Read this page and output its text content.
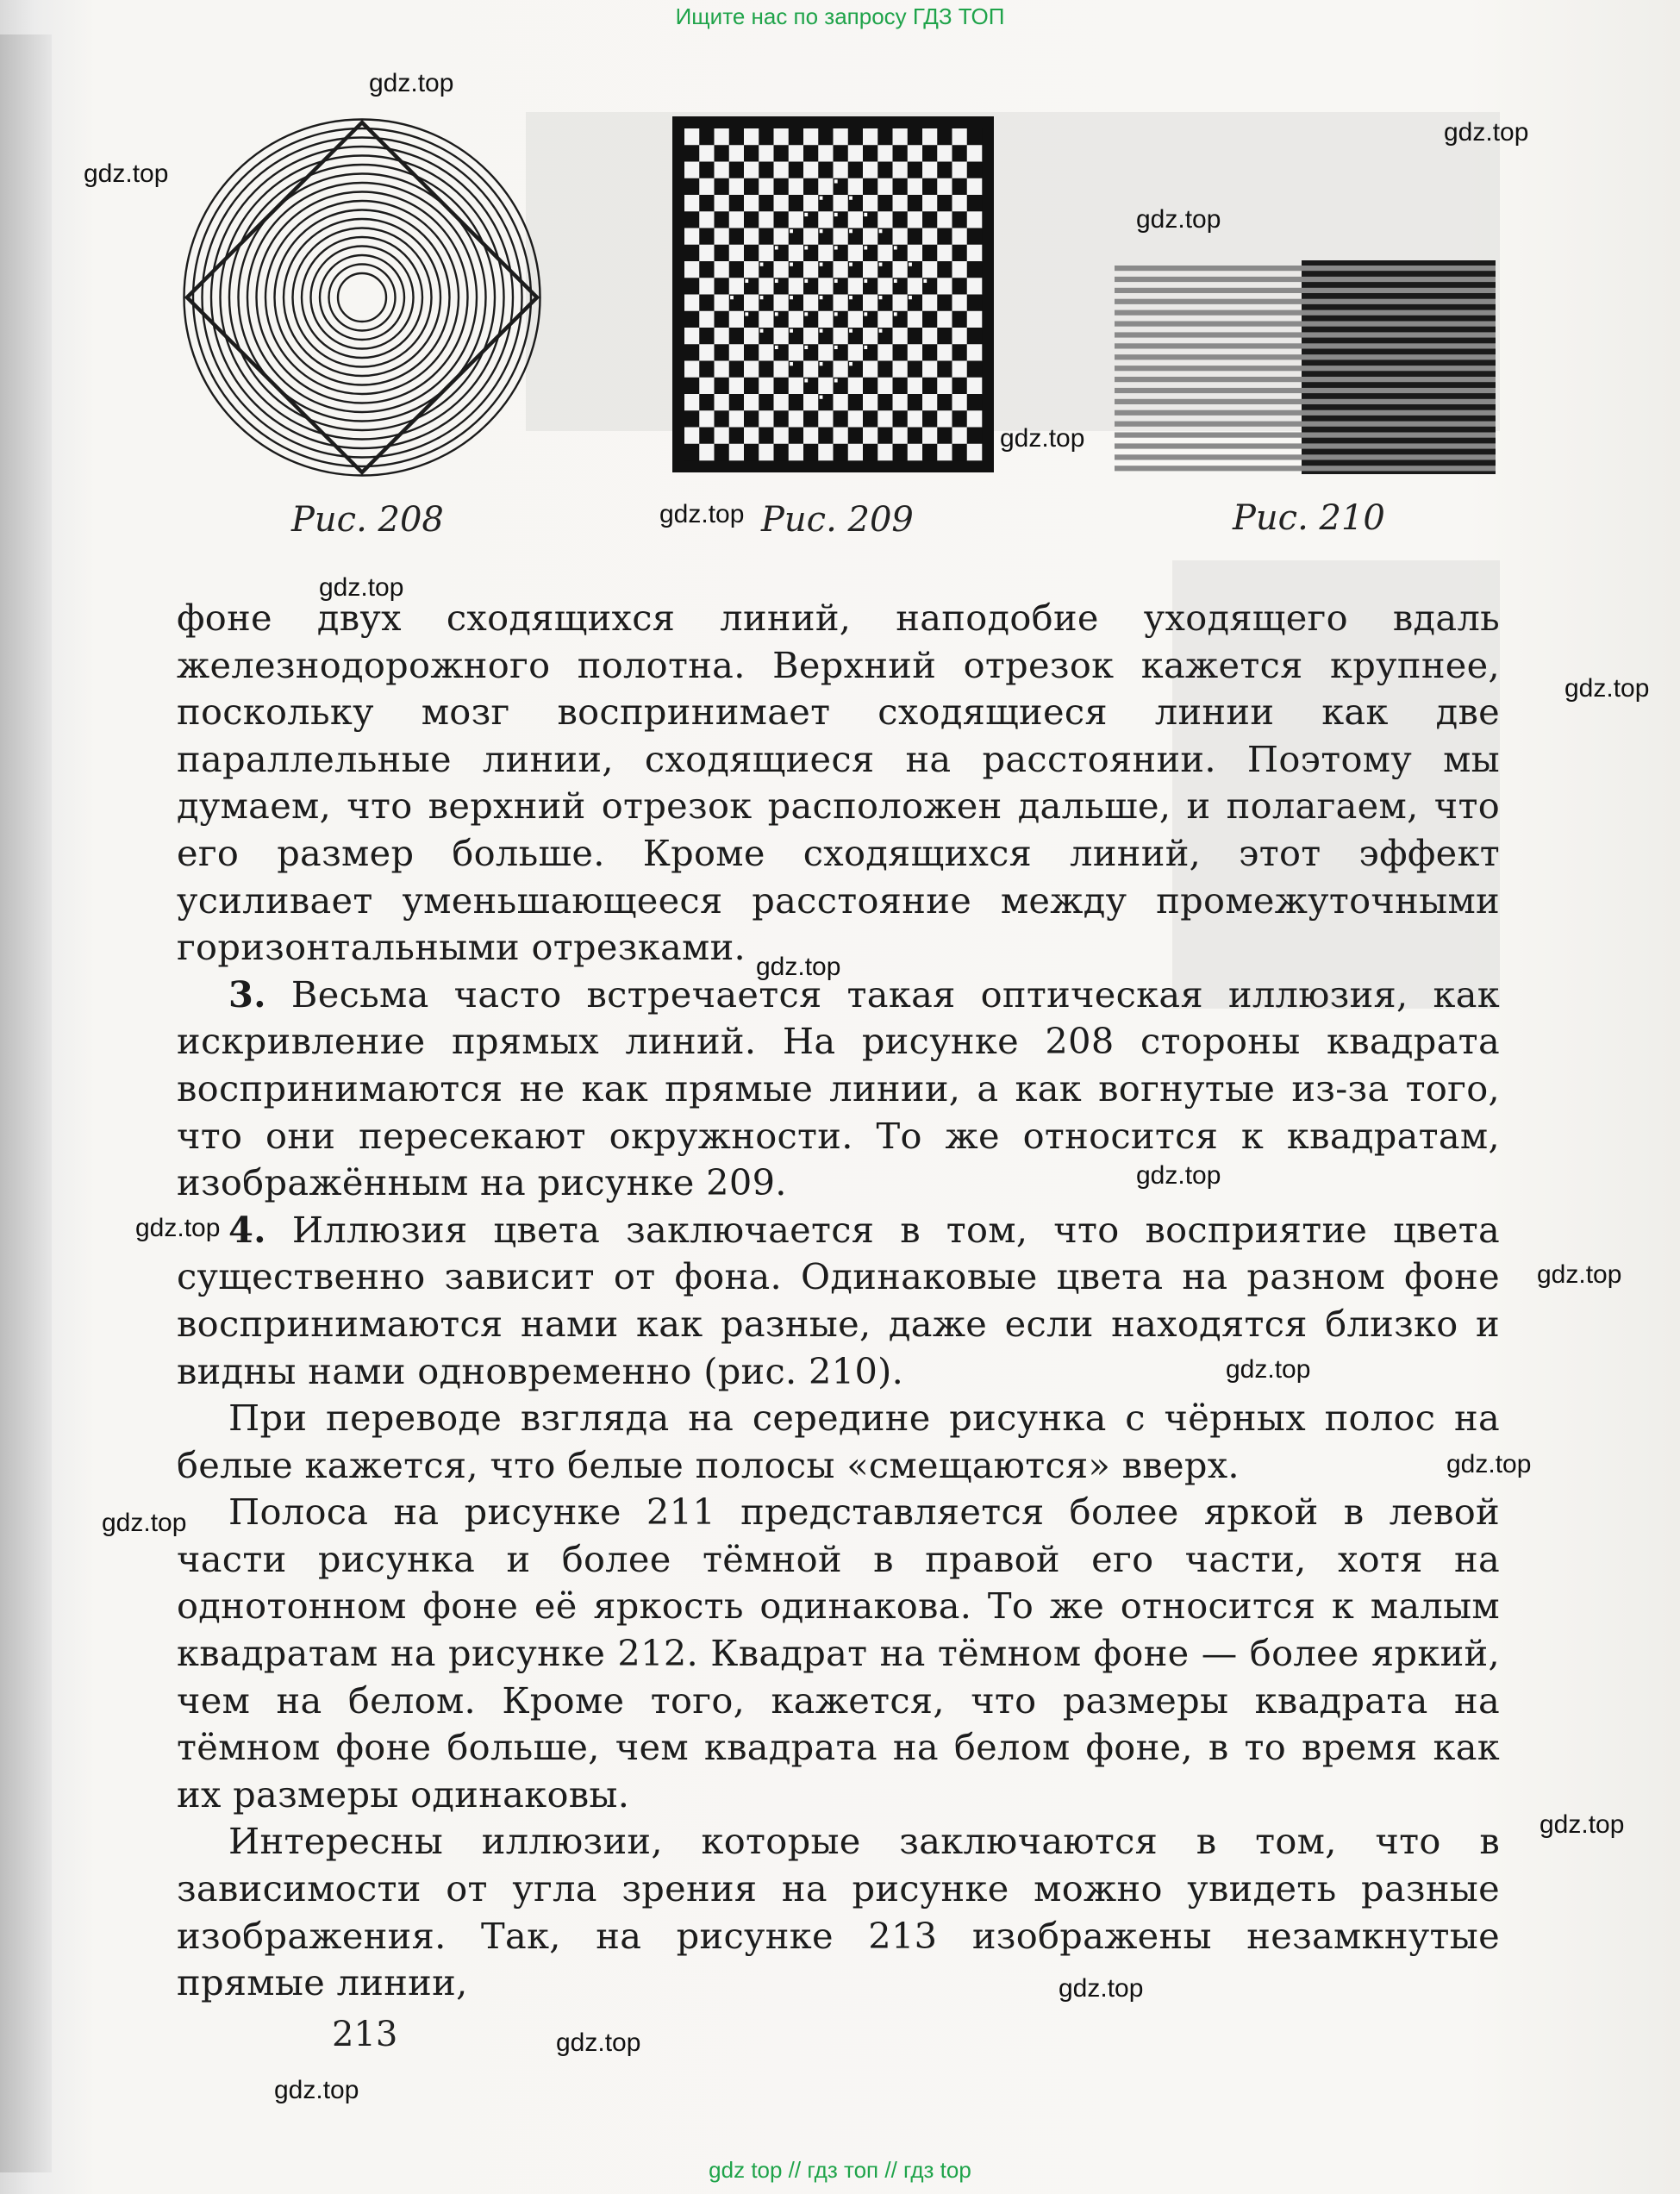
Ищите нас по запросу ГДЗ ТОП
Рис. 208	Рис. 209	Рис. 210

фоне двух сходящихся линий, наподобие уходящего вдаль железнодорожного полотна. Верхний отрезок кажется крупнее, поскольку мозг воспринимает сходящиеся линии как две параллельные линии, сходящиеся на расстоянии. Поэтому мы думаем, что верхний отрезок расположен дальше, и полагаем, что его размер больше. Кроме сходящихся линий, этот эффект усиливает уменьшающееся расстояние между промежуточными горизонтальными отрезками.

3. Весьма часто встречается такая оптическая иллюзия, как искривление прямых линий. На рисунке 208 стороны квадрата воспринимаются не как прямые линии, а как вогнутые из-за того, что они пересекают окружности. То же относится к квадратам, изображённым на рисунке 209.

4. Иллюзия цвета заключается в том, что восприятие цвета существенно зависит от фона. Одинаковые цвета на разном фоне воспринимаются нами как разные, даже если находятся близко и видны нами одновременно (рис. 210).

При переводе взгляда на середине рисунка с чёрных полос на белые кажется, что белые полосы «смещаются» вверх.

Полоса на рисунке 211 представляется более яркой в левой части рисунка и более тёмной в правой его части, хотя на однотонном фоне её яркость одинакова. То же относится к малым квадратам на рисунке 212. Квадрат на тёмном фоне — более яркий, чем на белом. Кроме того, кажется, что размеры квадрата на тёмном фоне больше, чем квадрата на белом фоне, в то время как их размеры одинаковы.

Интересны иллюзии, которые заключаются в том, что в зависимости от угла зрения на рисунке можно увидеть разные изображения. Так, на рисунке 213 изображены незамкнутые прямые линии,

213
gdz.top
gdz.top
gdz.top
gdz.top
gdz.top
gdz.top
gdz.top
gdz.top
gdz.top
gdz.top
gdz.top
gdz.top
gdz.top
gdz.top
gdz.top
gdz.top
gdz.top
gdz.top
gdz.top
gdz top // гдз топ // гдз top
